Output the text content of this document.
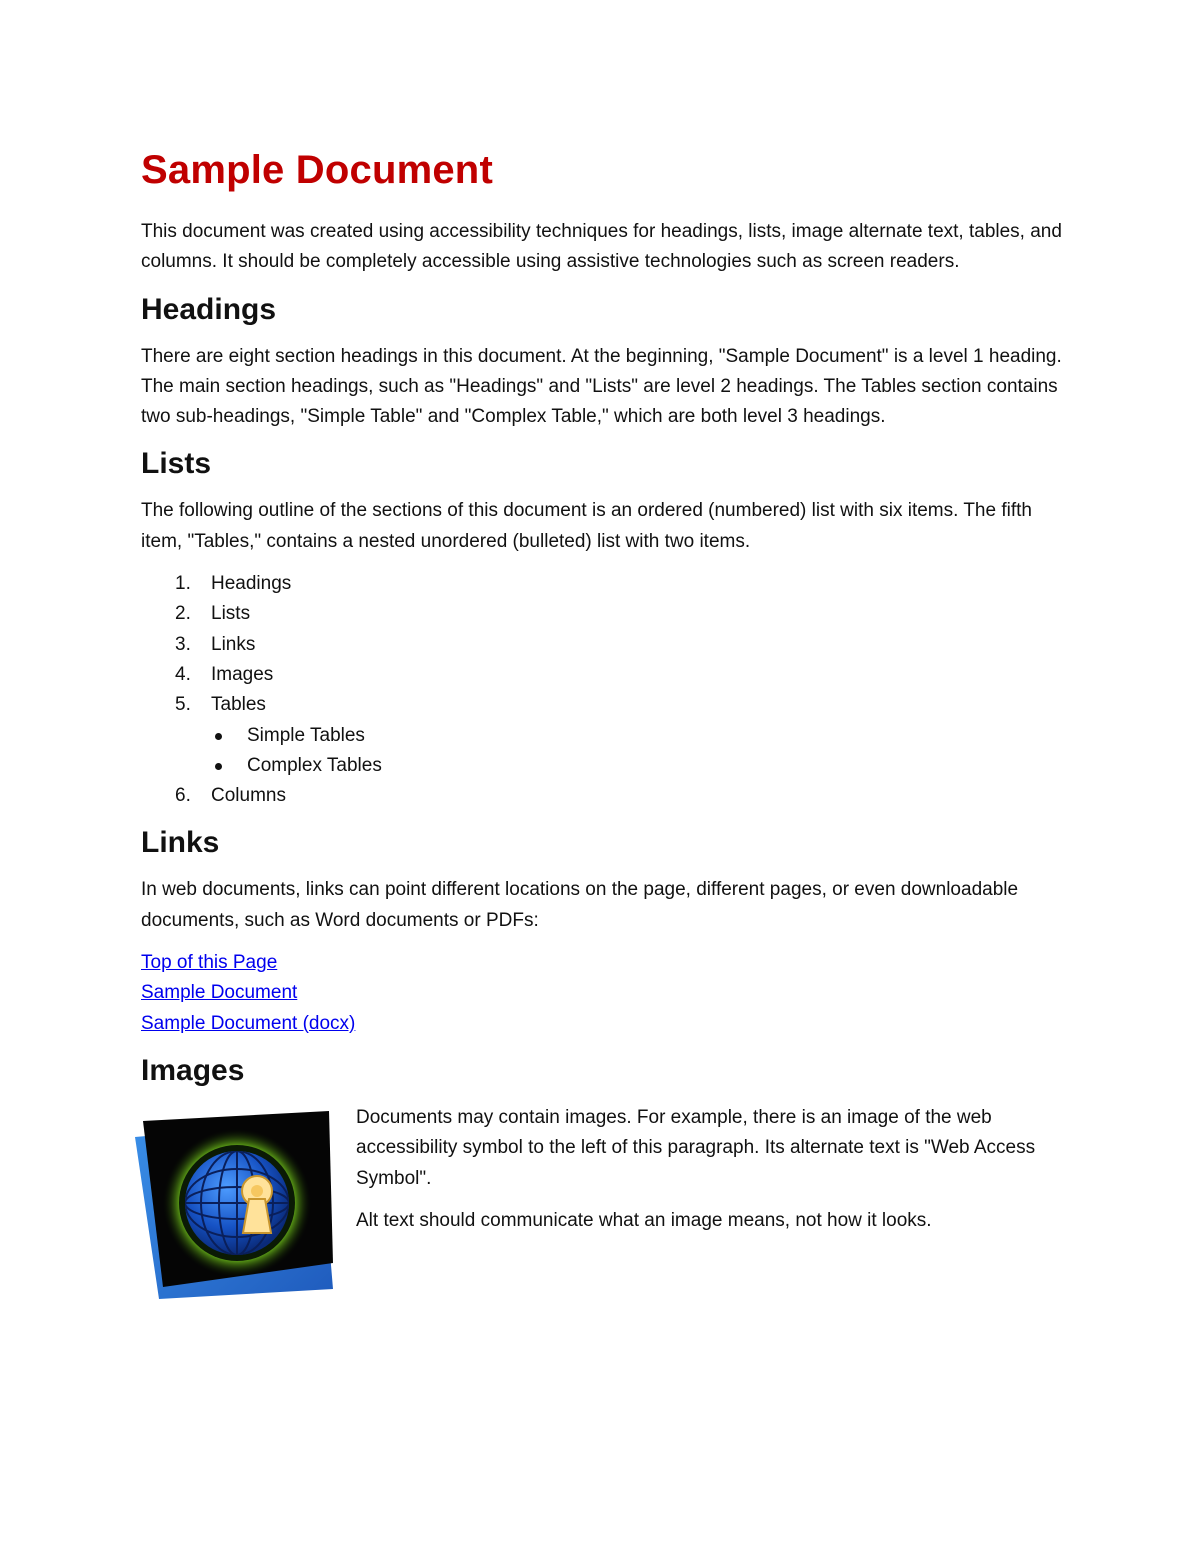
Sample Document

This document was created using accessibility techniques for headings, lists, image alternate text, tables, and columns. It should be completely accessible using assistive technologies such as screen readers.

Headings

There are eight section headings in this document. At the beginning, "Sample Document" is a level 1 heading. The main section headings, such as "Headings" and "Lists" are level 2 headings. The Tables section contains two sub-headings, "Simple Table" and "Complex Table," which are both level 3 headings.

Lists

The following outline of the sections of this document is an ordered (numbered) list with six items. The fifth item, "Tables," contains a nested unordered (bulleted) list with two items.

1. Headings
2. Lists
3. Links
4. Images
5. Tables
Simple Tables
Complex Tables
6. Columns
Links

In web documents, links can point different locations on the page, different pages, or even downloadable documents, such as Word documents or PDFs:

Top of this Page
Sample Document
Sample Document (docx)
Images

Documents may contain images. For example, there is an image of the web accessibility symbol to the left of this paragraph. Its alternate text is "Web Access Symbol".

Alt text should communicate what an image means, not how it looks.
